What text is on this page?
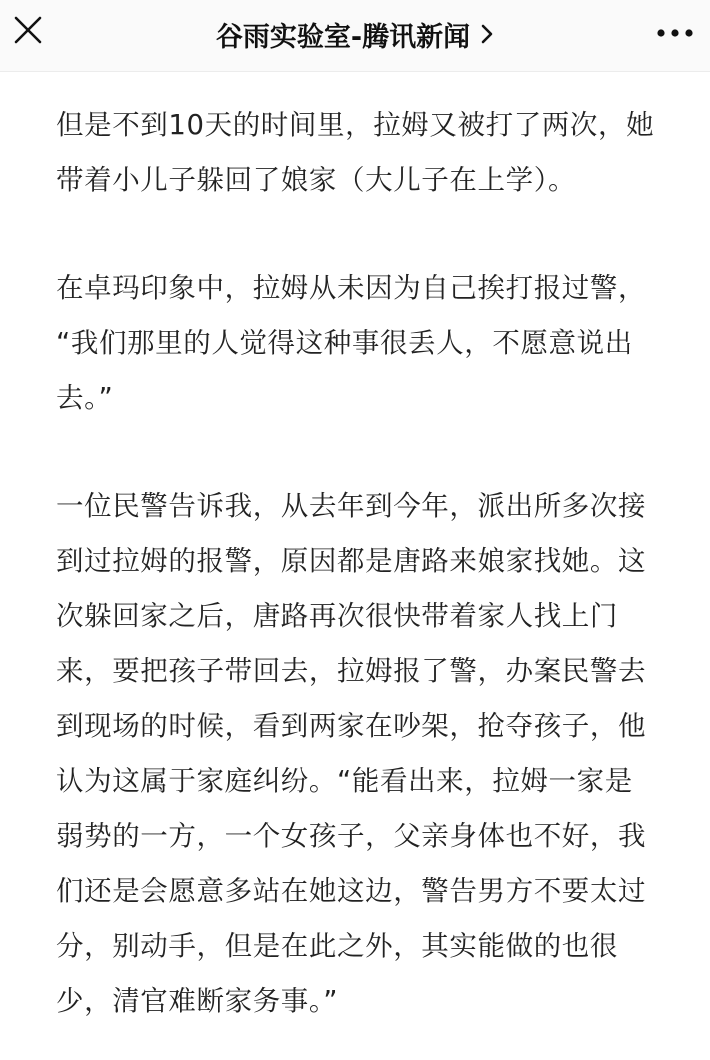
谷雨实验室-腾讯新闻

但是不到10天的时间里，拉姆又被打了两次，她
带着小儿子躲回了娘家（大儿子在上学）。

在卓玛印象中，拉姆从未因为自己挨打报过警，
“我们那里的人觉得这种事很丢人，不愿意说出
去。”

一位民警告诉我，从去年到今年，派出所多次接
到过拉姆的报警，原因都是唐路来娘家找她。这
次躲回家之后，唐路再次很快带着家人找上门
来，要把孩子带回去，拉姆报了警，办案民警去
到现场的时候，看到两家在吵架，抢夺孩子，他
认为这属于家庭纠纷。“能看出来，拉姆一家是
弱势的一方，一个女孩子，父亲身体也不好，我
们还是会愿意多站在她这边，警告男方不要太过
分，别动手，但是在此之外，其实能做的也很
少，清官难断家务事。”
